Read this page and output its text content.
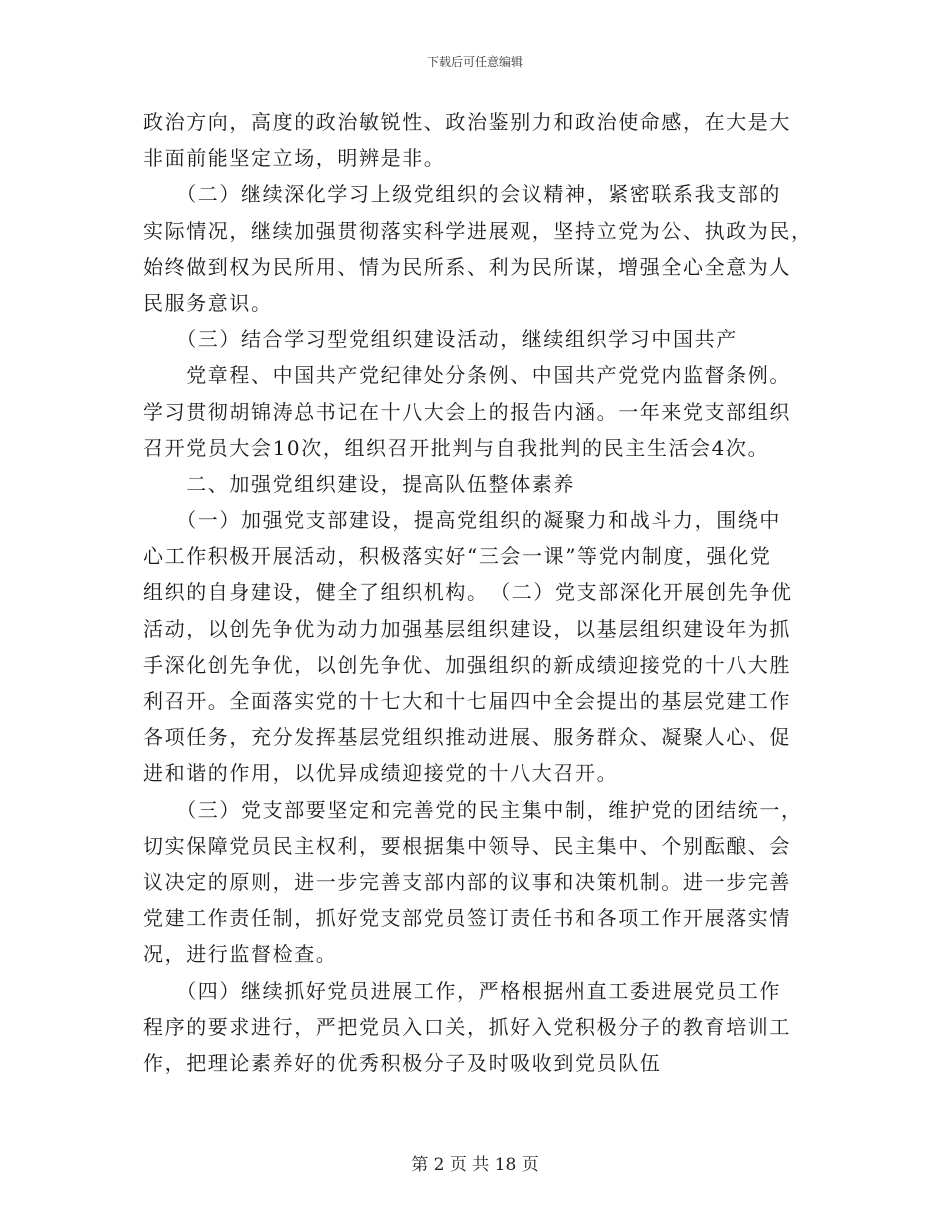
下载后可任意编辑
政治方向，高度的政治敏锐性、政治鉴别力和政治使命感，在大是大
非面前能坚定立场，明辨是非。
　　（二）继续深化学习上级党组织的会议精神，紧密联系我支部的
实际情况，继续加强贯彻落实科学进展观，坚持立党为公、执政为民，
始终做到权为民所用、情为民所系、利为民所谋，增强全心全意为人
民服务意识。
　　（三）结合学习型党组织建设活动，继续组织学习中国共产
　　党章程、中国共产党纪律处分条例、中国共产党党内监督条例。
学习贯彻胡锦涛总书记在十八大会上的报告内涵。一年来党支部组织
召开党员大会10次，组织召开批判与自我批判的民主生活会4次。
　　二、加强党组织建设，提高队伍整体素养
　　（一）加强党支部建设，提高党组织的凝聚力和战斗力，围绕中
心工作积极开展活动，积极落实好“三会一课”等党内制度，强化党
组织的自身建设，健全了组织机构。　（二）党支部深化开展创先争优
活动，以创先争优为动力加强基层组织建设，以基层组织建设年为抓
手深化创先争优，以创先争优、加强组织的新成绩迎接党的十八大胜
利召开。全面落实党的十七大和十七届四中全会提出的基层党建工作
各项任务，充分发挥基层党组织推动进展、服务群众、凝聚人心、促
进和谐的作用，以优异成绩迎接党的十八大召开。
　　（三）党支部要坚定和完善党的民主集中制，维护党的团结统一，
切实保障党员民主权利，要根据集中领导、民主集中、个别酝酿、会
议决定的原则，进一步完善支部内部的议事和决策机制。进一步完善
党建工作责任制，抓好党支部党员签订责任书和各项工作开展落实情
况，进行监督检查。
　　（四）继续抓好党员进展工作，严格根据州直工委进展党员工作
程序的要求进行，严把党员入口关，抓好入党积极分子的教育培训工
作，把理论素养好的优秀积极分子及时吸收到党员队伍
第 2 页 共 18 页
